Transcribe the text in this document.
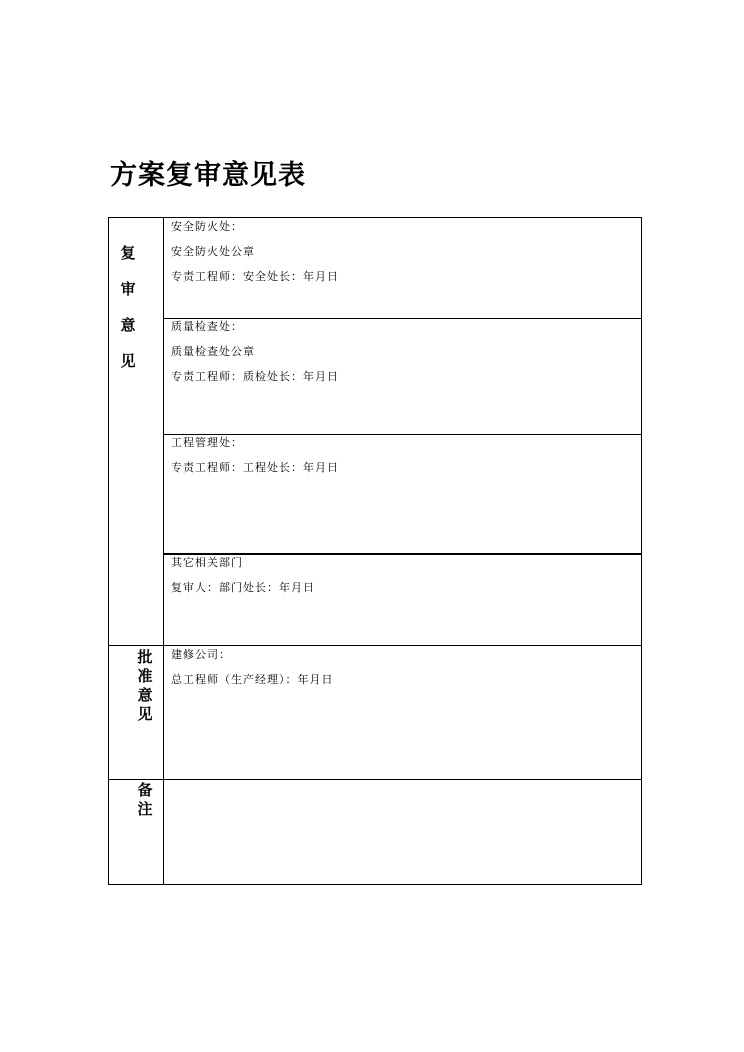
方案复审意见表
复
审
意
见
批
准
意
见
备
注
安全防火处：
安全防火处公章
专责工程师：安全处长：年月日
质量检查处：
质量检查处公章
专责工程师：质检处长：年月日
工程管理处：
专责工程师：工程处长：年月日
其它相关部门
复审人：部门处长：年月日
建修公司：
总工程师（生产经理）：年月日
